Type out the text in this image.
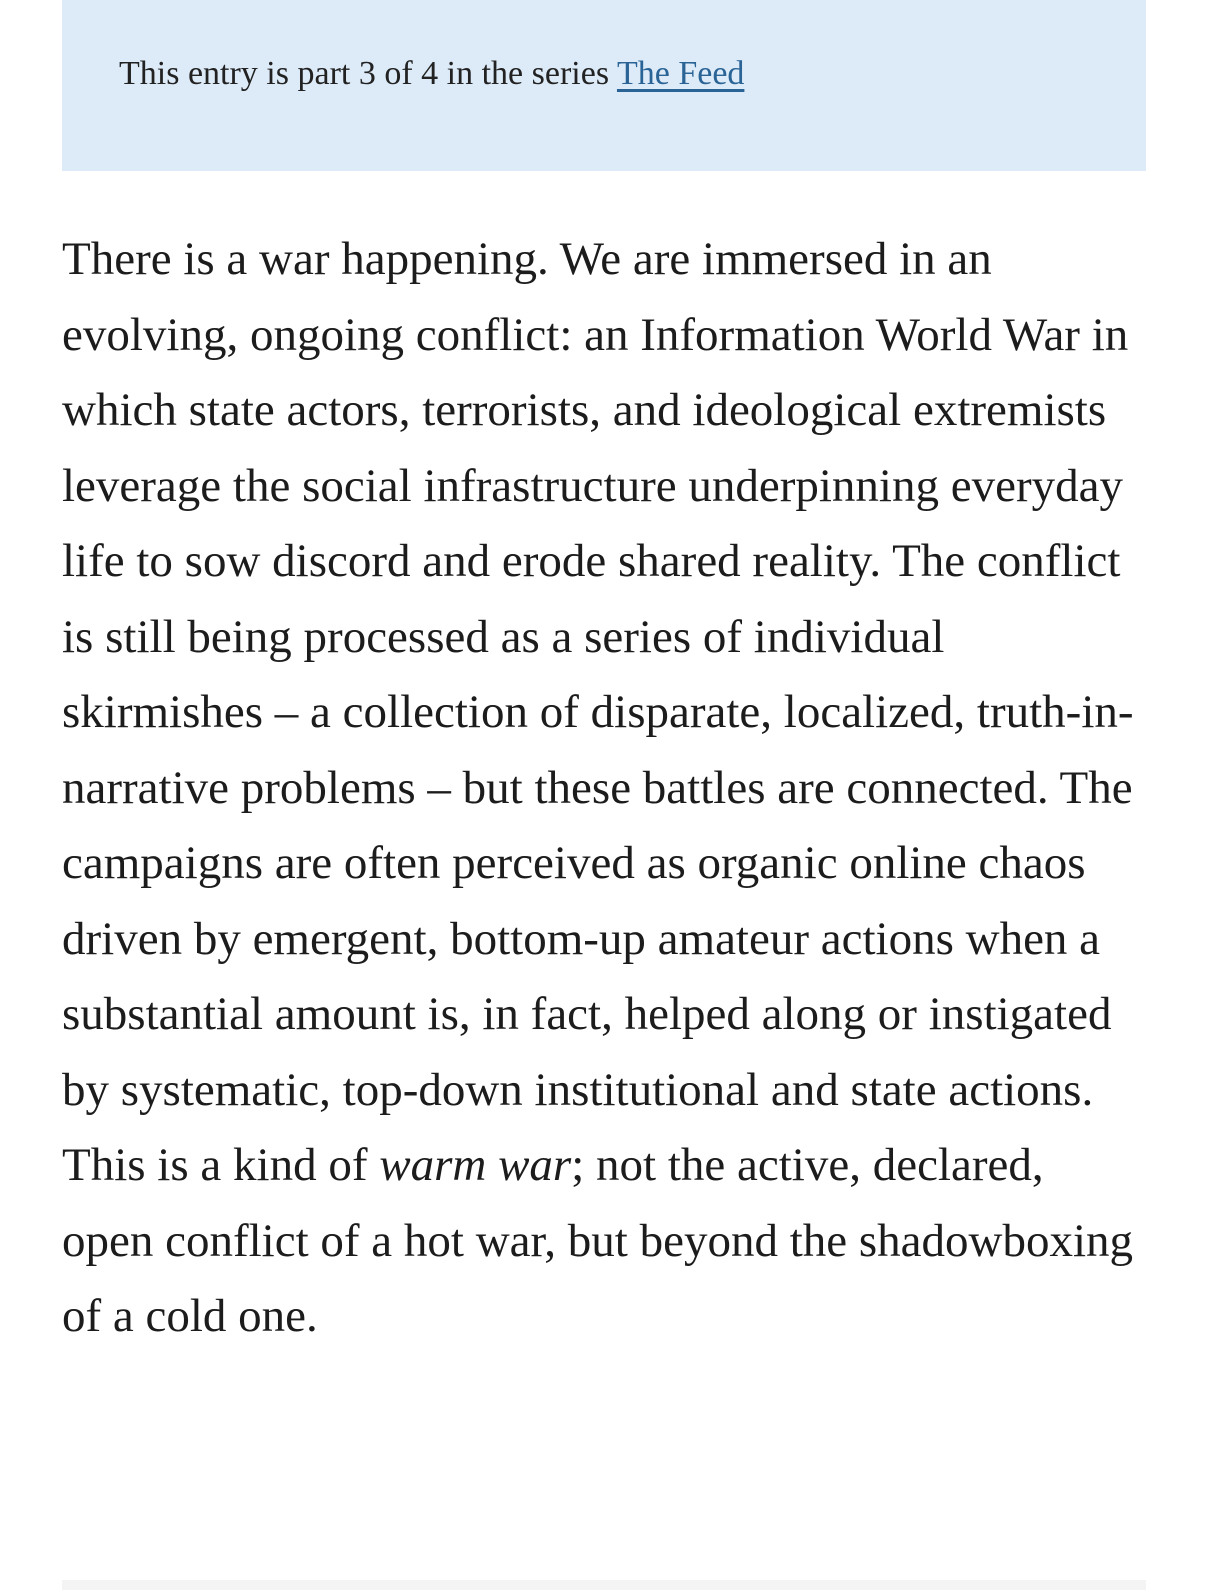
This entry is part 3 of 4 in the series The Feed

There is a war happening. We are immersed in an evolving, ongoing conflict: an Information World War in which state actors, terrorists, and ideological extremists leverage the social infrastructure underpinning everyday life to sow discord and erode shared reality. The conflict is still being processed as a series of individual skirmishes – a collection of disparate, localized, truth-in-narrative problems – but these battles are connected. The campaigns are often perceived as organic online chaos driven by emergent, bottom-up amateur actions when a substantial amount is, in fact, helped along or instigated by systematic, top-down institutional and state actions. This is a kind of warm war; not the active, declared, open conflict of a hot war, but beyond the shadowboxing of a cold one.
